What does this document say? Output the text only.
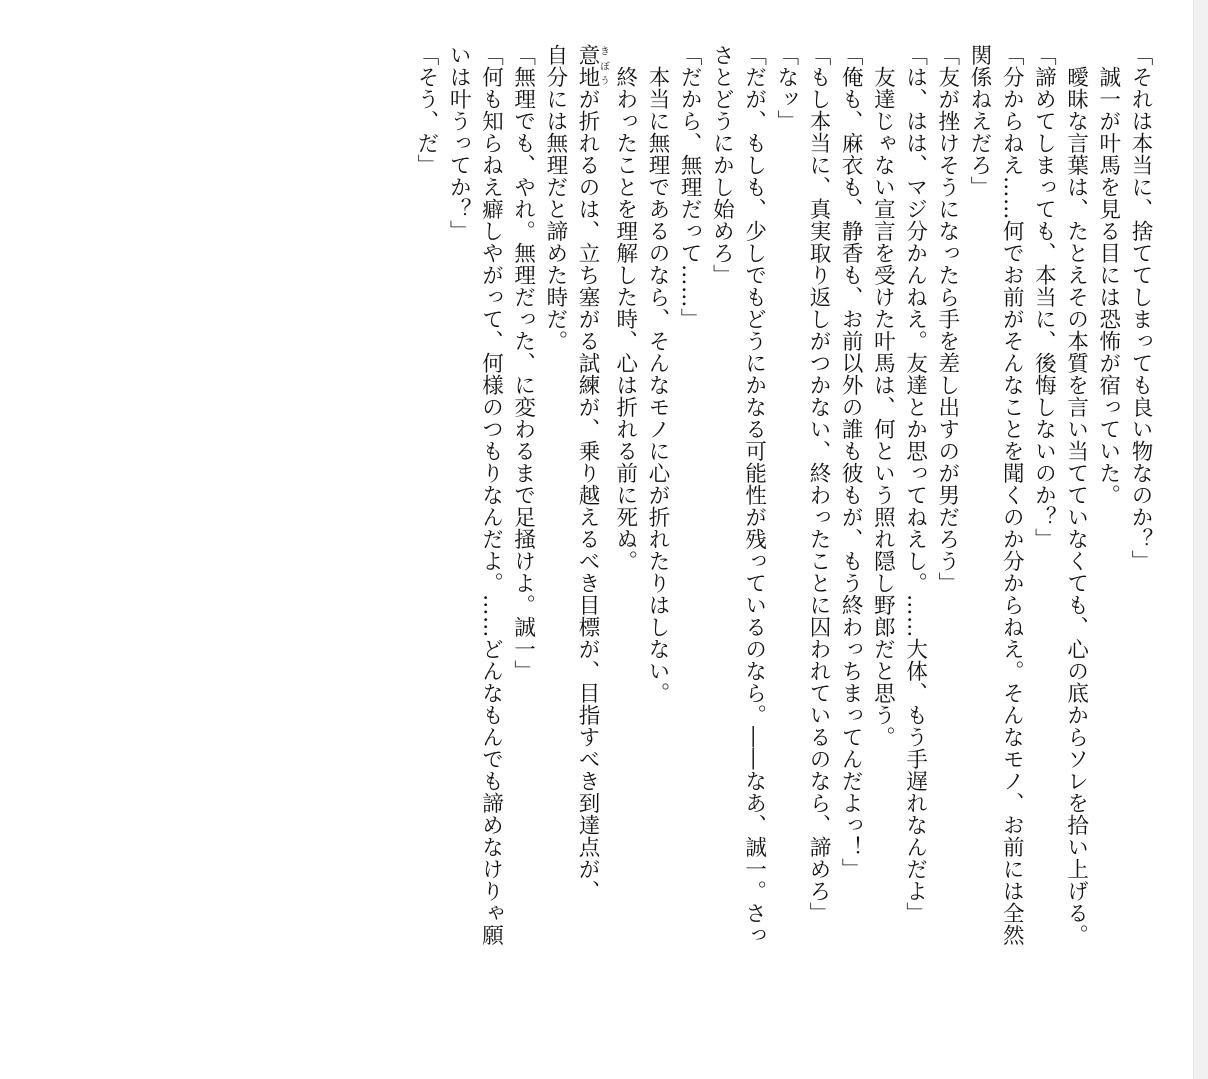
「それは本当に、捨ててしまっても良い物なのか？」
誠一が叶馬を見る目には恐怖が宿っていた。
曖昧な言葉は、たとえその本質を言い当てていなくても、心の底からソレを拾い上げる。
「諦めてしまっても、本当に、後悔しないのか？」
「分からねえ……何でお前がそんなことを聞くのか分からねえ。そんなモノ、お前には全然
関係ねえだろ」
「友が挫けそうになったら手を差し出すのが男だろう」
「は、はは、マジ分かんねえ。友達とか思ってねえし。……大体、もう手遅れなんだよ」
友達じゃない宣言を受けた叶馬は、何という照れ隠し野郎だと思う。
「俺も、麻衣も、静香も、お前以外の誰も彼もが、もう終わっちまってんだよっ！」
「もし本当に、真実取り返しがつかない、終わったことに囚われているのなら、諦めろ」
「なッ」
「だが、もしも、少しでもどうにかなる可能性が残っているのなら。――なあ、誠一。さっ
さとどうにかし始めろ」
「だから、無理だって……」
本当に無理であるのなら、そんなモノに心が折れたりはしない。
終わったことを理解した時、心は折れる前に死ぬ。
意地きぼうが折れるのは、立ち塞がる試練が、乗り越えるべき目標が、目指すべき到達点が、
自分には無理だと諦めた時だ。
「無理でも、やれ。無理だった、に変わるまで足掻けよ。誠一」
「何も知らねえ癖しやがって、何様のつもりなんだよ。……どんなもんでも諦めなけりゃ願
いは叶うってか？」
「そう、だ」
